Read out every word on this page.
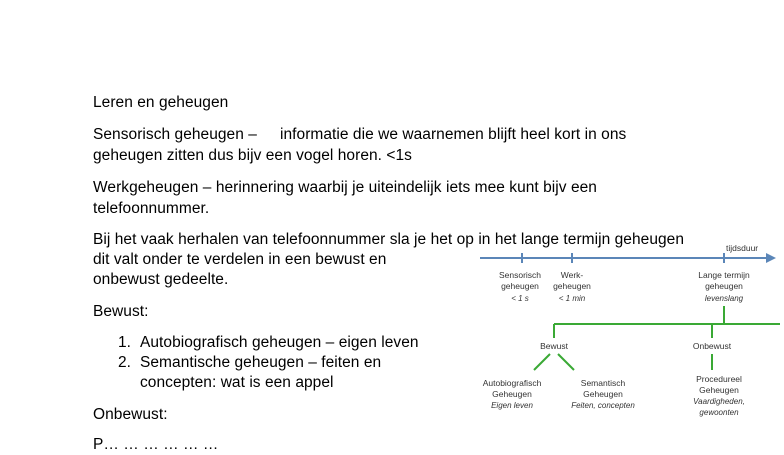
Leren en geheugen
Sensorisch geheugen – informatie die we waarnemen blijft heel kort in ons
geheugen zitten dus bijv een vogel horen. <1s
Werkgeheugen – herinnering waarbij je uiteindelijk iets mee kunt bijv een
telefoonnummer.
Bij het vaak herhalen van telefoonnummer sla je het op in het lange termijn geheugen
dit valt onder te verdelen in een bewust en
onbewust gedeelte.
Bewust:
1. Autobiografisch geheugen – eigen leven
2. Semantische geheugen – feiten en
concepten: wat is een appel
Onbewust:
P… … … … … …
tijdsduur
Sensorisch
geheugen
< 1 s
Werk-
geheugen
< 1 min
Lange termijn
geheugen
levenslang
Bewust	Onbewust
Autobiografisch
Geheugen
Eigen leven
Semantisch
Geheugen
Feiten, concepten
Procedureel
Geheugen
Vaardigheden,
gewoonten
